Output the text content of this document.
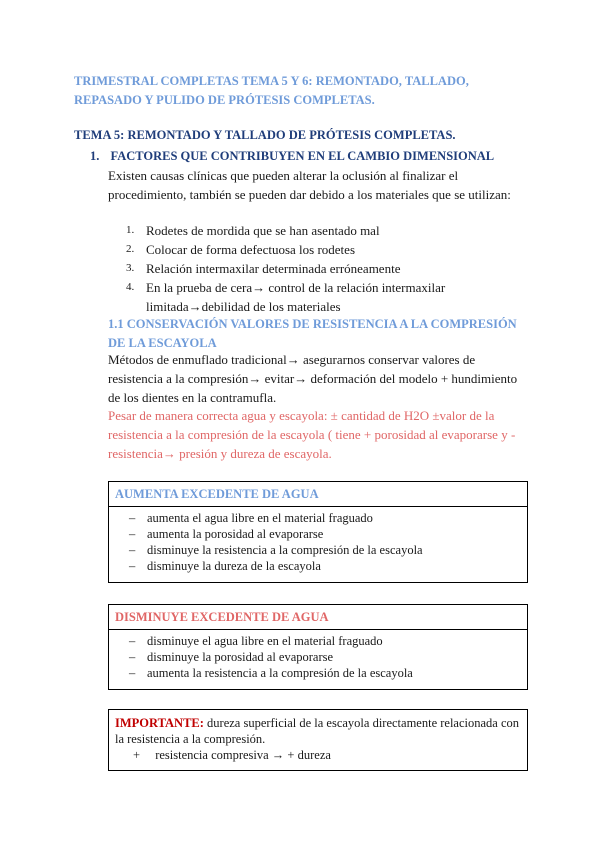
TRIMESTRAL COMPLETAS TEMA 5 Y 6: REMONTADO, TALLADO, REPASADO Y PULIDO DE PRÓTESIS COMPLETAS.
TEMA 5: REMONTADO Y TALLADO DE PRÓTESIS COMPLETAS.
1. FACTORES QUE CONTRIBUYEN EN EL CAMBIO DIMENSIONAL
Existen causas clínicas que pueden alterar la oclusión al finalizar el procedimiento, también se pueden dar debido a los materiales que se utilizan:
1. Rodetes de mordida que se han asentado mal
2. Colocar de forma defectuosa los rodetes
3. Relación intermaxilar determinada erróneamente
4. En la prueba de cera→ control de la relación intermaxilar limitada→debilidad de los materiales
1.1 CONSERVACIÓN VALORES DE RESISTENCIA A LA COMPRESIÓN DE LA ESCAYOLA
Métodos de enmuflado tradicional→ asegurarnos conservar valores de resistencia a la compresión→ evitar→ deformación del modelo + hundimiento de los dientes en la contramufla.
Pesar de manera correcta agua y escayola: ± cantidad de H2O ±valor de la resistencia a la compresión de la escayola ( tiene + porosidad al evaporarse y - resistencia→ presión y dureza de escayola.
AUMENTA EXCEDENTE DE AGUA
– aumenta el agua libre en el material fraguado
– aumenta la porosidad al evaporarse
– disminuye la resistencia a la compresión de la escayola
– disminuye la dureza de la escayola
DISMINUYE EXCEDENTE DE AGUA
– disminuye el agua libre en el material fraguado
– disminuye la porosidad al evaporarse
– aumenta la resistencia a la compresión de la escayola
IMPORTANTE: dureza superficial de la escayola directamente relacionada con la resistencia a la compresión.
+ resistencia compresiva → + dureza
